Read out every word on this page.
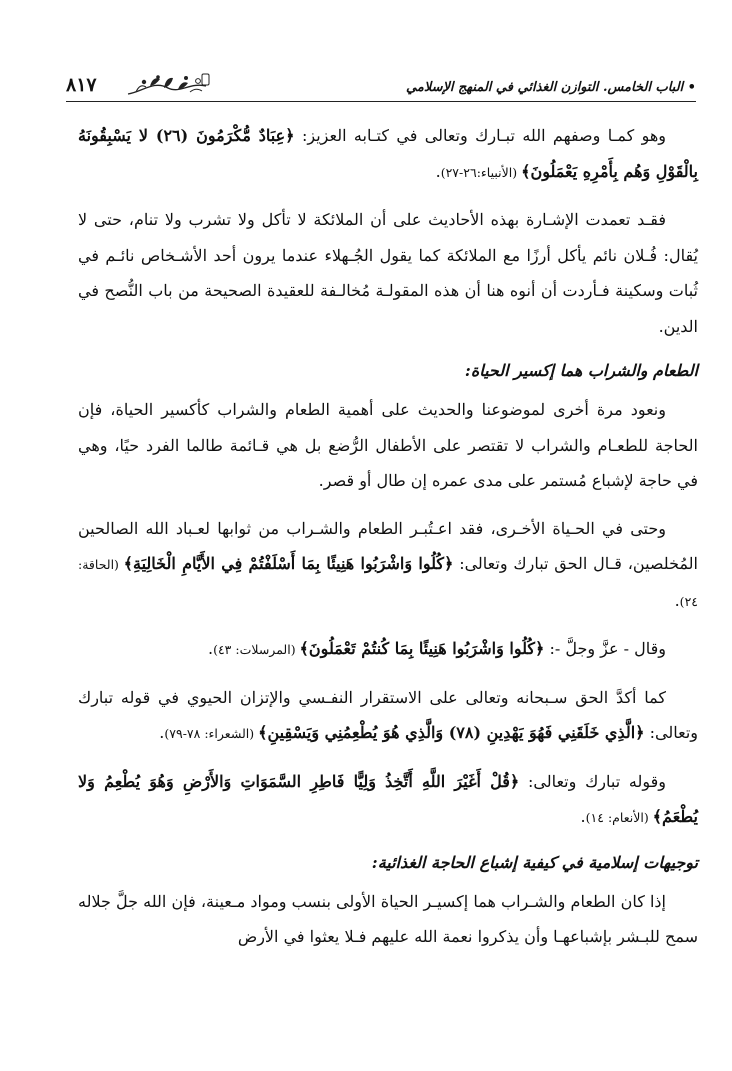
• الباب الخامس. التوازن الغذائي في المنهج الإسلامي
٨١٧

وهو كمـا وصفهم الله تبـارك وتعالى في كتـابه العزيز: ﴿عِبَادٌ مُّكْرَمُونَ (٢٦) لا يَسْبِقُونَهُ بِالْقَوْلِ وَهُم بِأَمْرِهِ يَعْمَلُونَ﴾ (الأنبياء:٢٦-٢٧).

فقـد تعمدت الإشـارة بهذه الأحاديث على أن الملائكة لا تأكل ولا تشرب ولا تنام، حتى لا يُقال: فُـلان نائم يأكل أرزًا مع الملائكة كما يقول الجُـهلاء عندما يرون أحد الأشـخاص نائـم في ثُبات وسكينة فـأردت أن أنوه هنا أن هذه المقولـة مُخالـفة للعقيدة الصحيحة من باب النُّصح في الدين.

الطعام والشراب هما إكسير الحياة:

ونعود مرة أخرى لموضوعنا والحديث على أهمية الطعام والشراب كأكسير الحياة، فإن الحاجة للطعـام والشراب لا تقتصر على الأطفال الرُّضع بل هي قـائمة طالما الفرد حيًا، وهي في حاجة لإشباع مُستمر على مدى عمره إن طال أو قصر.

وحتى في الحـياة الأخـرى، فقد اعـتُبـر الطعام والشـراب من ثوابها لعـباد الله الصالحين المُخلصين، قـال الحق تبارك وتعالى: ﴿كُلُوا وَاشْرَبُوا هَنِيئًا بِمَا أَسْلَفْتُمْ فِي الأَيَّامِ الْخَالِيَةِ﴾ (الحاقة: ٢٤).

وقال - عزَّ وجلَّ -: ﴿كُلُوا وَاشْرَبُوا هَنِيئًا بِمَا كُنتُمْ تَعْمَلُونَ﴾ (المرسلات: ٤٣).

كما أكدَّ الحق سـبحانه وتعالى على الاستقرار النفـسي والإتزان الحيوي في قوله تبارك وتعالى: ﴿الَّذِي خَلَقَنِي فَهُوَ يَهْدِينِ (٧٨) وَالَّذِي هُوَ يُطْعِمُنِي وَيَسْقِينِ﴾ (الشعراء: ٧٨-٧٩).

وقوله تبارك وتعالى: ﴿قُلْ أَغَيْرَ اللَّهِ أَتَّخِذُ وَلِيًّا فَاطِرِ السَّمَوَاتِ وَالأَرْضِ وَهُوَ يُطْعِمُ وَلا يُطْعَمُ﴾ (الأنعام: ١٤).

توجيهات إسلامية في كيفية إشباع الحاجة الغذائية:

إذا كان الطعام والشـراب هما إكسيـر الحياة الأولى بنسب ومواد مـعينة، فإن الله جلَّ جلاله سمح للبـشر بإشباعهـا وأن يذكروا نعمة الله عليهم فـلا يعثوا في الأرض
